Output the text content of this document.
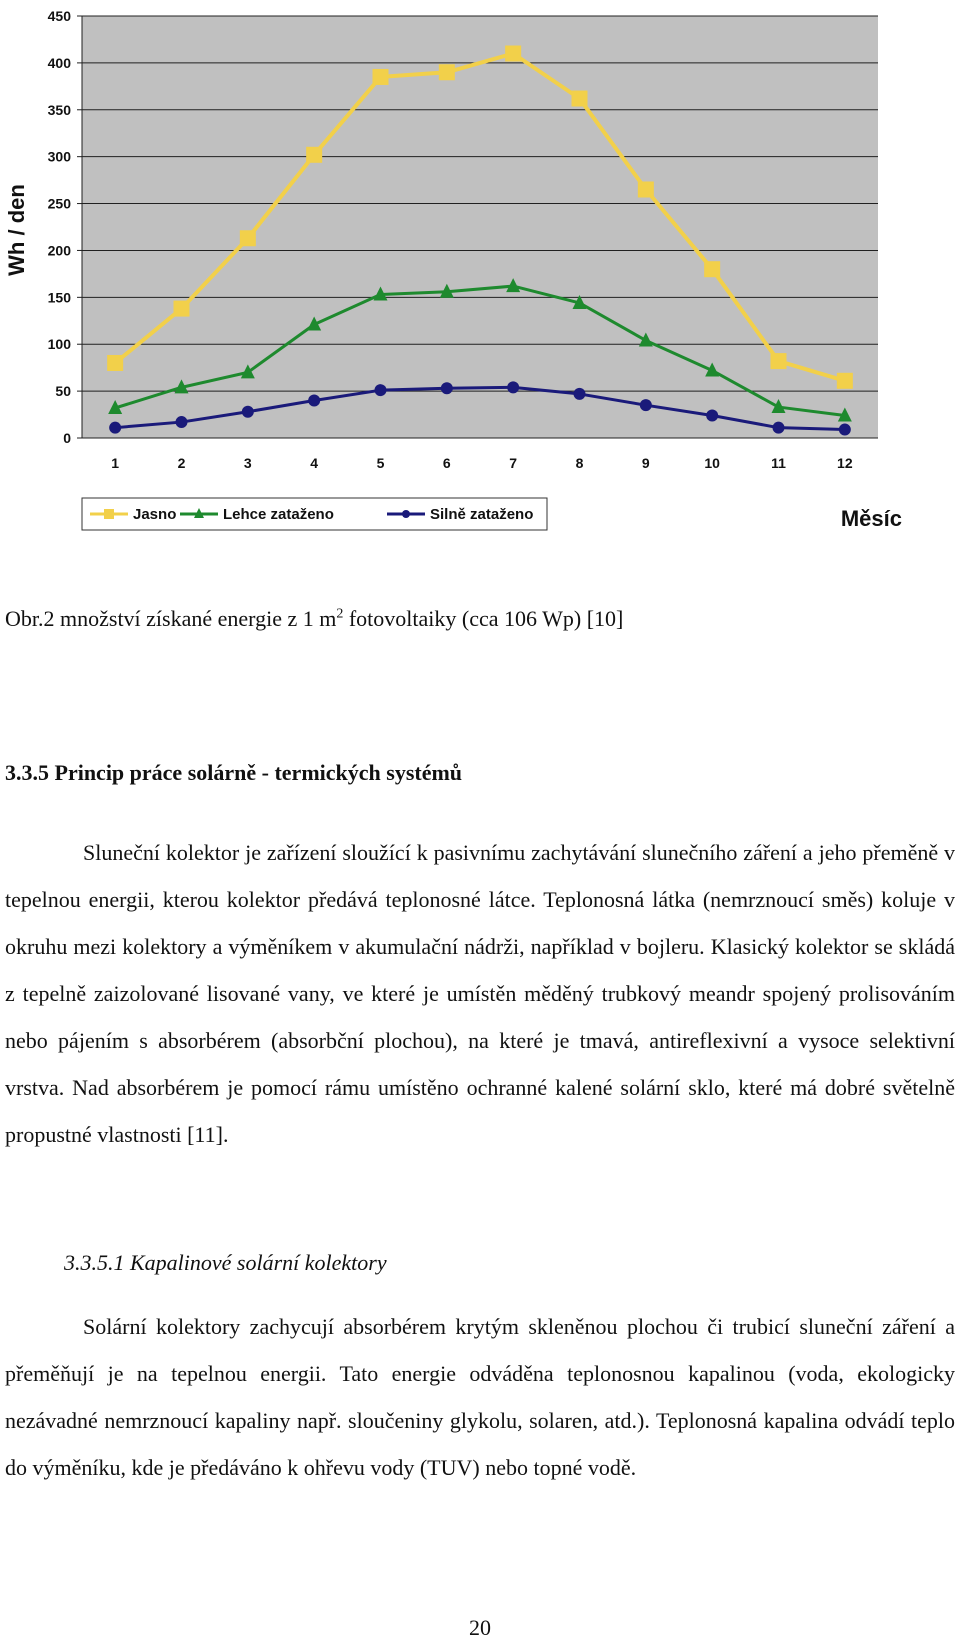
0
50
100
150
200
250
300
350
400
450
1	2	3	4	5	6	7	8	9	10	11	12
Wh / den
Měsíc
Jasno	Lehce zataženo	Silně zataženo
Obr.2 množství získané energie z 1 $m^2$ fotovoltaiky (cca 106 Wp) [10]
3.3.5 Princip práce solárně - termických systémů

Sluneční kolektor je zařízení sloužící k pasivnímu zachytávání slunečního záření a jeho přeměně v tepelnou energii, kterou kolektor předává teplonosné látce. Teplonosná látka (nemrznoucí směs) koluje v okruhu mezi kolektory a výměníkem v akumulační nádrži, například v bojleru. Klasický kolektor se skládá z tepelně zaizolované lisované vany, ve které je umístěn měděný trubkový meandr spojený prolisováním nebo pájením s absorbérem (absorbční plochou), na které je tmavá, antireflexivní a vysoce selektivní vrstva. Nad absorbérem je pomocí rámu umístěno ochranné kalené solární sklo, které má dobré světelně propustné vlastnosti [11].

3.3.5.1 Kapalinové solární kolektory

Solární kolektory zachycují absorbérem krytým skleněnou plochou či trubicí sluneční záření a přeměňují je na tepelnou energii. Tato energie odváděna teplonosnou kapalinou (voda, ekologicky nezávadné nemrznoucí kapaliny např. sloučeniny glykolu, solaren, atd.). Teplonosná kapalina odvádí teplo do výměníku, kde je předáváno k ohřevu vody (TUV) nebo topné vodě.

20
